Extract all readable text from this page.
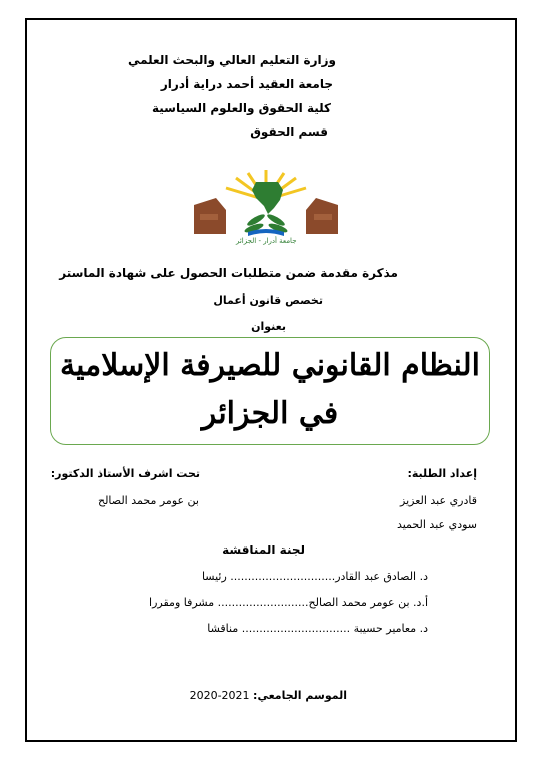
وزارة التعليم العالي والبحث العلمي
جامعة العقيد أحمد دراية أدرار
كلية الحقوق والعلوم السياسية
قسم الحقوق
جامعة أدرار - الجزائر
مذكرة مقدمة ضمن متطلبات الحصول على شهادة الماستر
تخصص قانون أعمال
بعنوان
النظام القانوني للصيرفة الإسلامية
في الجزائر
إعداد الطلبة:
قادري عبد العزيز
سودي عبد الحميد
تحت اشرف الأستاذ الدكتور:
بن عومر محمد الصالح
لجنة المناقشة
د. الصادق عبد القادر.............................. رئيسا
أ.د. بن عومر محمد الصالح.......................... مشرفا ومقررا
د. معامير حسيبة ............................... مناقشا
الموسم الجامعي: 2020-2021
